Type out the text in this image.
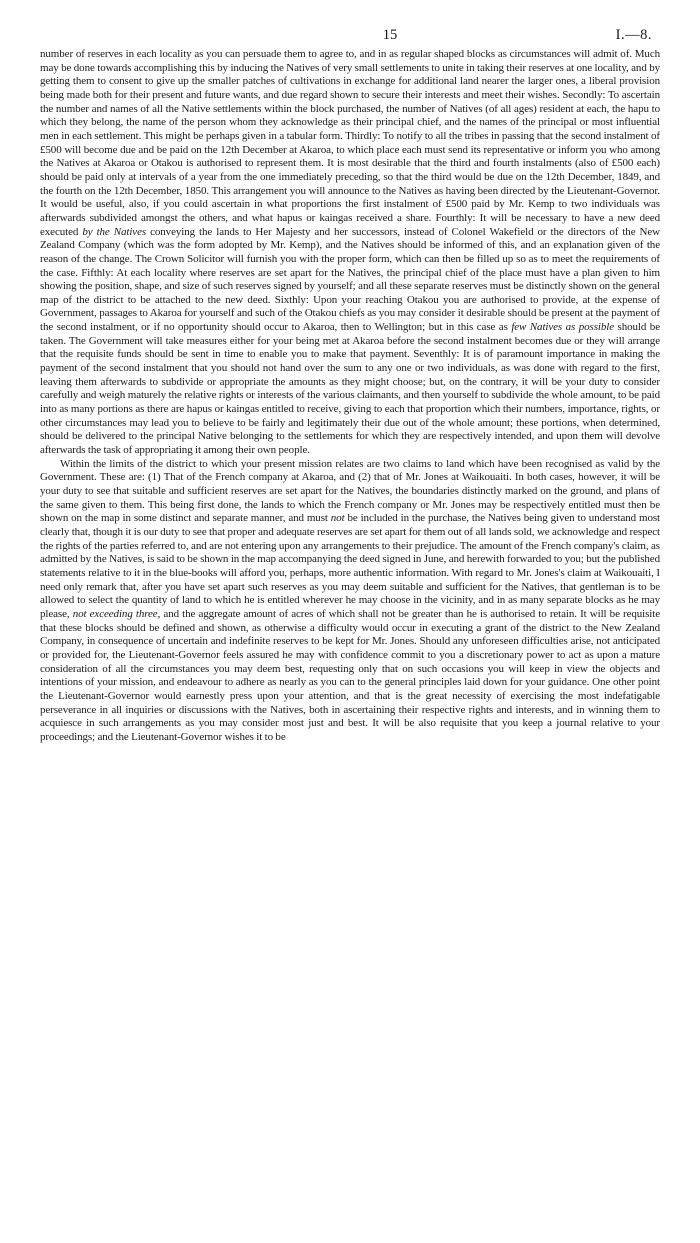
15	I.—8.

number of reserves in each locality as you can persuade them to agree to, and in as regular shaped blocks as circumstances will admit of. Much may be done towards accomplishing this by inducing the Natives of very small settlements to unite in taking their reserves at one locality, and by getting them to consent to give up the smaller patches of cultivations in exchange for additional land nearer the larger ones, a liberal provision being made both for their present and future wants, and due regard shown to secure their interests and meet their wishes. Secondly: To ascertain the number and names of all the Native settlements within the block purchased, the number of Natives (of all ages) resident at each, the hapu to which they belong, the name of the person whom they acknowledge as their principal chief, and the names of the principal or most influential men in each settlement. This might be perhaps given in a tabular form. Thirdly: To notify to all the tribes in passing that the second instalment of £500 will become due and be paid on the 12th December at Akaroa, to which place each must send its representative or inform you who among the Natives at Akaroa or Otakou is authorised to represent them. It is most desirable that the third and fourth instalments (also of £500 each) should be paid only at intervals of a year from the one immediately preceding, so that the third would be due on the 12th December, 1849, and the fourth on the 12th December, 1850. This arrangement you will announce to the Natives as having been directed by the Lieutenant-Governor. It would be useful, also, if you could ascertain in what proportions the first instalment of £500 paid by Mr. Kemp to two individuals was afterwards subdivided amongst the others, and what hapus or kaingas received a share. Fourthly: It will be necessary to have a new deed executed by the Natives conveying the lands to Her Majesty and her successors, instead of Colonel Wakefield or the directors of the New Zealand Company (which was the form adopted by Mr. Kemp), and the Natives should be informed of this, and an explanation given of the reason of the change. The Crown Solicitor will furnish you with the proper form, which can then be filled up so as to meet the requirements of the case. Fifthly: At each locality where reserves are set apart for the Natives, the principal chief of the place must have a plan given to him showing the position, shape, and size of such reserves signed by yourself; and all these separate reserves must be distinctly shown on the general map of the district to be attached to the new deed. Sixthly: Upon your reaching Otakou you are authorised to provide, at the expense of Government, passages to Akaroa for yourself and such of the Otakou chiefs as you may consider it desirable should be present at the payment of the second instalment, or if no opportunity should occur to Akaroa, then to Wellington; but in this case as few Natives as possible should be taken. The Government will take measures either for your being met at Akaroa before the second instalment becomes due or they will arrange that the requisite funds should be sent in time to enable you to make that payment. Seventhly: It is of paramount importance in making the payment of the second instalment that you should not hand over the sum to any one or two individuals, as was done with regard to the first, leaving them afterwards to subdivide or appropriate the amounts as they might choose; but, on the contrary, it will be your duty to consider carefully and weigh maturely the relative rights or interests of the various claimants, and then yourself to subdivide the whole amount, to be paid into as many portions as there are hapus or kaingas entitled to receive, giving to each that proportion which their numbers, importance, rights, or other circumstances may lead you to believe to be fairly and legitimately their due out of the whole amount; these portions, when determined, should be delivered to the principal Native belonging to the settlements for which they are respectively intended, and upon them will devolve afterwards the task of appropriating it among their own people.

Within the limits of the district to which your present mission relates are two claims to land which have been recognised as valid by the Government. These are: (1) That of the French company at Akaroa, and (2) that of Mr. Jones at Waikouaiti. In both cases, however, it will be your duty to see that suitable and sufficient reserves are set apart for the Natives, the boundaries distinctly marked on the ground, and plans of the same given to them. This being first done, the lands to which the French company or Mr. Jones may be respectively entitled must then be shown on the map in some distinct and separate manner, and must not be included in the purchase, the Natives being given to understand most clearly that, though it is our duty to see that proper and adequate reserves are set apart for them out of all lands sold, we acknowledge and respect the rights of the parties referred to, and are not entering upon any arrangements to their prejudice. The amount of the French company's claim, as admitted by the Natives, is said to be shown in the map accompanying the deed signed in June, and herewith forwarded to you; but the published statements relative to it in the blue-books will afford you, perhaps, more authentic information. With regard to Mr. Jones's claim at Waikouaiti, I need only remark that, after you have set apart such reserves as you may deem suitable and sufficient for the Natives, that gentleman is to be allowed to select the quantity of land to which he is entitled wherever he may choose in the vicinity, and in as many separate blocks as he may please, not exceeding three, and the aggregate amount of acres of which shall not be greater than he is authorised to retain. It will be requisite that these blocks should be defined and shown, as otherwise a difficulty would occur in executing a grant of the district to the New Zealand Company, in consequence of uncertain and indefinite reserves to be kept for Mr. Jones. Should any unforeseen difficulties arise, not anticipated or provided for, the Lieutenant-Governor feels assured he may with confidence commit to you a discretionary power to act as upon a mature consideration of all the circumstances you may deem best, requesting only that on such occasions you will keep in view the objects and intentions of your mission, and endeavour to adhere as nearly as you can to the general principles laid down for your guidance. One other point the Lieutenant-Governor would earnestly press upon your attention, and that is the great necessity of exercising the most indefatigable perseverance in all inquiries or discussions with the Natives, both in ascertaining their respective rights and interests, and in winning them to acquiesce in such arrangements as you may consider most just and best. It will be also requisite that you keep a journal relative to your proceedings; and the Lieutenant-Governor wishes it to be
